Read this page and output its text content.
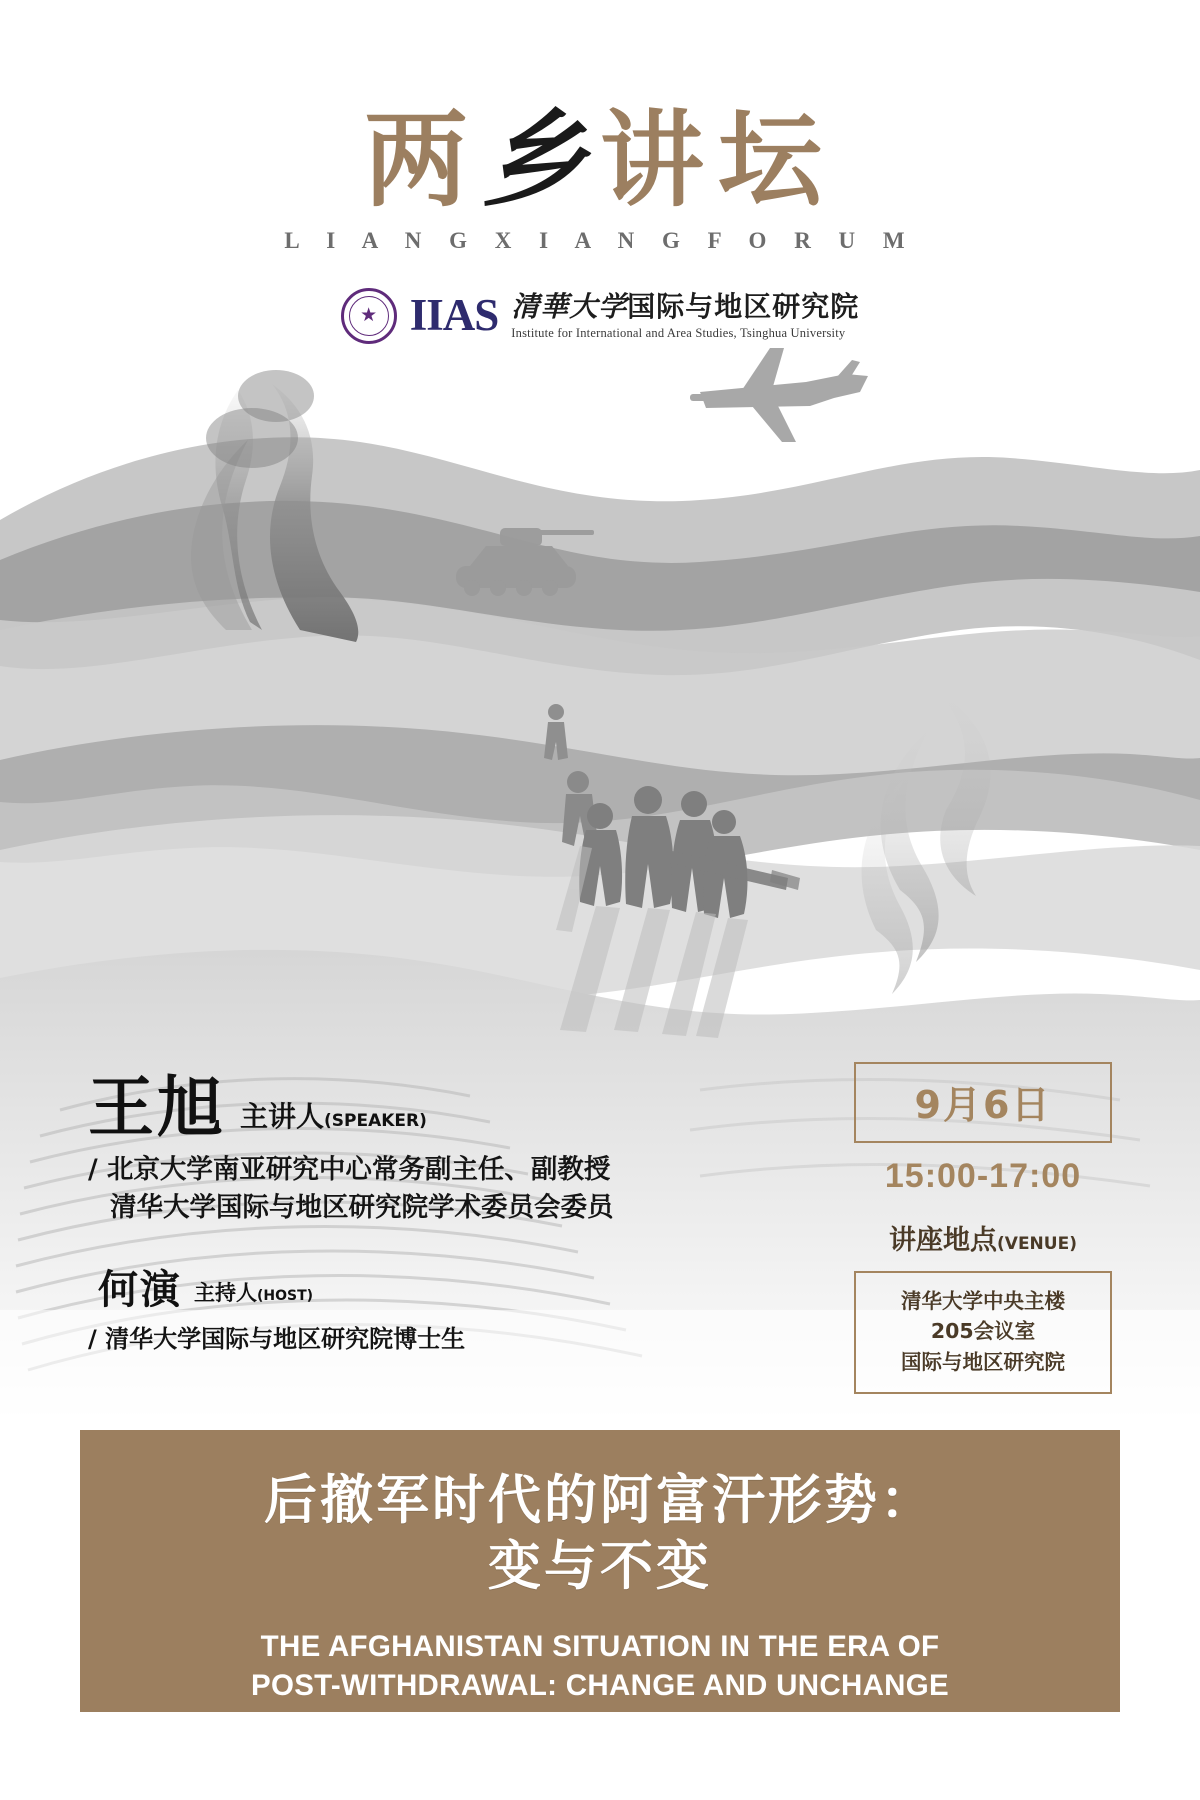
两乡讲坛
L I A N G X I A N G F O R U M
★
IIAS 清華大学国际与地区研究院
Institute for International and Area Studies, Tsinghua University
王旭 主讲人(SPEAKER)
/ 北京大学南亚研究中心常务副主任、副教授
清华大学国际与地区研究院学术委员会委员
何演 主持人(HOST)
/ 清华大学国际与地区研究院博士生
9月6日
15:00-17:00
讲座地点(VENUE)
清华大学中央主楼
205会议室
国际与地区研究院
后撤军时代的阿富汗形势：
变与不变
THE AFGHANISTAN SITUATION IN THE ERA OF
POST-WITHDRAWAL: CHANGE AND UNCHANGE
